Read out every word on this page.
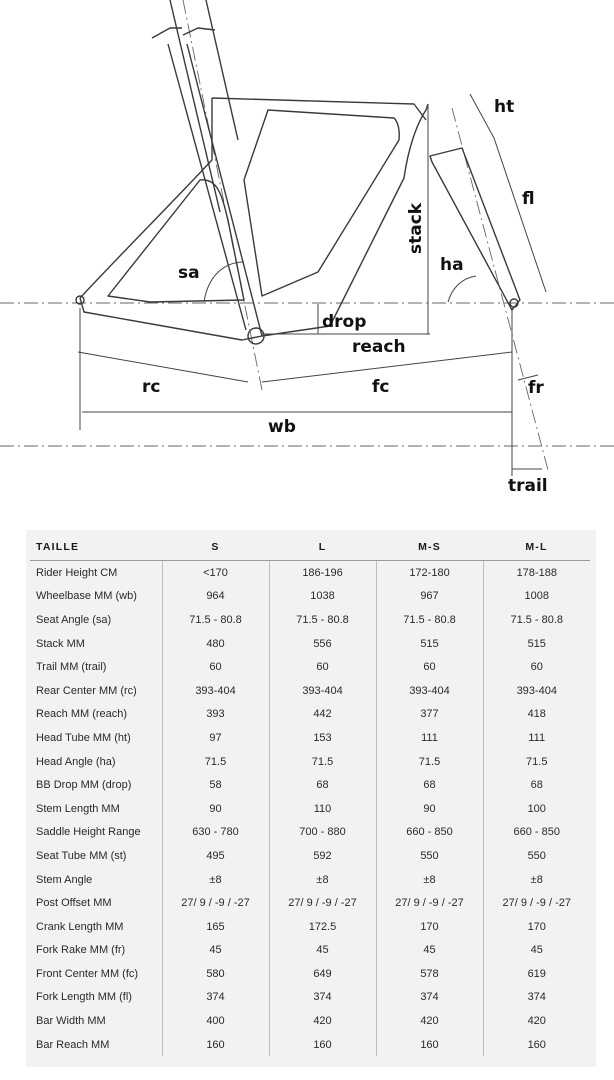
ht
fl
stack
ha
sa
drop
reach
rc	fc	fr
wb
trail
TAILLE	S	L	M-S	M-L
Rider Height CM	<170	186-196	172-180	178-188
Wheelbase MM (wb)	964	1038	967	1008
Seat Angle (sa)	71.5 - 80.8	71.5 - 80.8	71.5 - 80.8	71.5 - 80.8
Stack MM	480	556	515	515
Trail MM (trail)	60	60	60	60
Rear Center MM (rc)	393-404	393-404	393-404	393-404
Reach MM (reach)	393	442	377	418
Head Tube MM (ht)	97	153	111	111
Head Angle (ha)	71.5	71.5	71.5	71.5
BB Drop MM (drop)	58	68	68	68
Stem Length MM	90	110	90	100
Saddle Height Range	630 - 780	700 - 880	660 - 850	660 - 850
Seat Tube MM (st)	495	592	550	550
Stem Angle	±8	±8	±8	±8
Post Offset MM	27/ 9 / -9 / -27	27/ 9 / -9 / -27	27/ 9 / -9 / -27	27/ 9 / -9 / -27
Crank Length MM	165	172.5	170	170
Fork Rake MM (fr)	45	45	45	45
Front Center MM (fc)	580	649	578	619
Fork Length MM (fl)	374	374	374	374
Bar Width MM	400	420	420	420
Bar Reach MM	160	160	160	160
